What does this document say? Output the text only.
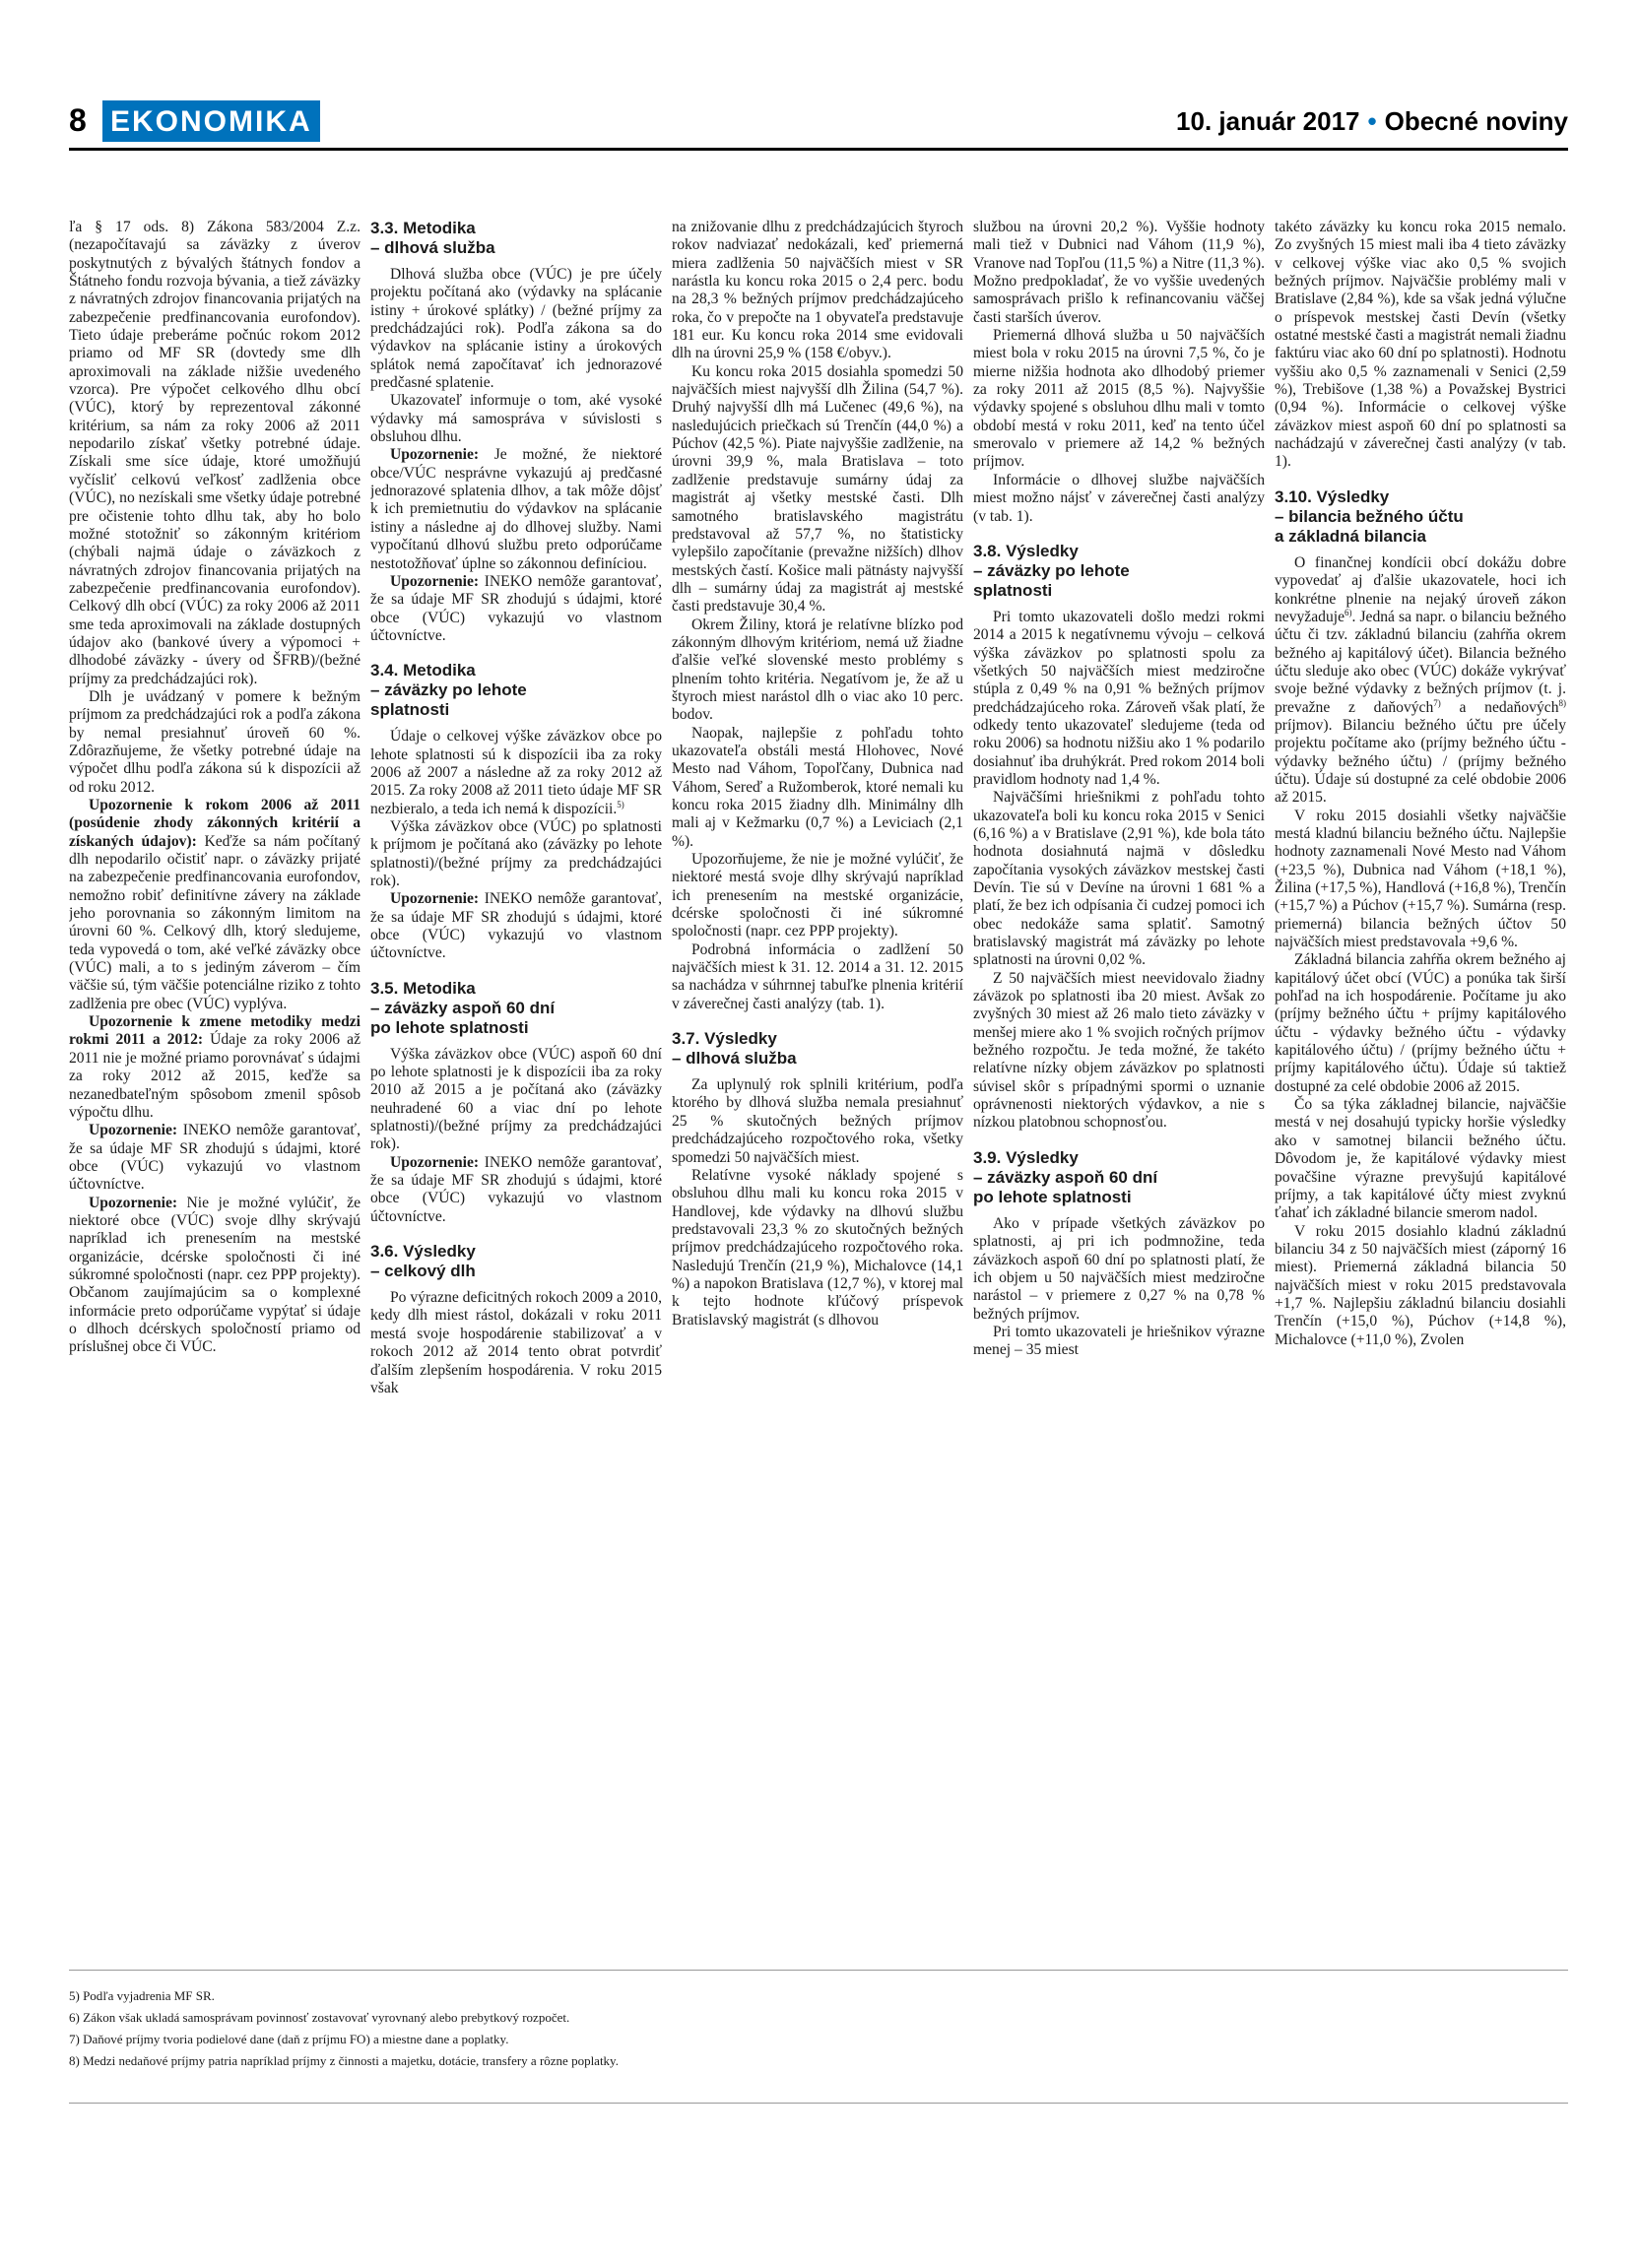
8 EKONOMIKA	10. január 2017 • Obecné noviny

ľa § 17 ods. 8) Zákona 583/2004 Z.z. (nezapočítavajú sa záväzky z úverov poskytnutých z bývalých štátnych fondov a Štátneho fondu rozvoja bývania, a tiež záväzky z návratných zdrojov financovania prijatých na zabezpečenie predfinancovania eurofondov). Tieto údaje preberáme počnúc rokom 2012 priamo od MF SR (dovtedy sme dlh aproximovali na základe nižšie uvedeného vzorca). Pre výpočet celkového dlhu obcí (VÚC), ktorý by reprezentoval zákonné kritérium, sa nám za roky 2006 až 2011 nepodarilo získať všetky potrebné údaje. Získali sme síce údaje, ktoré umožňujú vyčísliť celkovú veľkosť zadlženia obce (VÚC), no nezískali sme všetky údaje potrebné pre očistenie tohto dlhu tak, aby ho bolo možné stotožniť so zákonným kritériom (chýbali najmä údaje o záväzkoch z návratných zdrojov financovania prijatých na zabezpečenie predfinancovania eurofondov). Celkový dlh obcí (VÚC) za roky 2006 až 2011 sme teda aproximovali na základe dostupných údajov ako (bankové úvery a výpomoci + dlhodobé záväzky - úvery od ŠFRB)/(bežné príjmy za predchádzajúci rok).

Dlh je uvádzaný v pomere k bežným príjmom za predchádzajúci rok a podľa zákona by nemal presiahnuť úroveň 60 %. Zdôrazňujeme, že všetky potrebné údaje na výpočet dlhu podľa zákona sú k dispozícii až od roku 2012.

Upozornenie k rokom 2006 až 2011 (posúdenie zhody zákonných kritérií a získaných údajov): Keďže sa nám počítaný dlh nepodarilo očistiť napr. o záväzky prijaté na zabezpečenie predfinancovania eurofondov, nemožno robiť definitívne závery na základe jeho porovnania so zákonným limitom na úrovni 60 %. Celkový dlh, ktorý sledujeme, teda vypovedá o tom, aké veľké záväzky obce (VÚC) mali, a to s jediným záverom – čím väčšie sú, tým väčšie potenciálne riziko z tohto zadlženia pre obec (VÚC) vyplýva.

Upozornenie k zmene metodiky medzi rokmi 2011 a 2012: Údaje za roky 2006 až 2011 nie je možné priamo porovnávať s údajmi za roky 2012 až 2015, keďže sa nezanedbateľným spôsobom zmenil spôsob výpočtu dlhu.

Upozornenie: INEKO nemôže garantovať, že sa údaje MF SR zhodujú s údajmi, ktoré obce (VÚC) vykazujú vo vlastnom účtovníctve.

Upozornenie: Nie je možné vylúčiť, že niektoré obce (VÚC) svoje dlhy skrývajú napríklad ich prenesením na mestské organizácie, dcérske spoločnosti či iné súkromné spoločnosti (napr. cez PPP projekty). Občanom zaujímajúcim sa o komplexné informácie preto odporúčame vypýtať si údaje o dlhoch dcérskych spoločností priamo od príslušnej obce či VÚC.

3.3. Metodika
– dlhová služba

Dlhová služba obce (VÚC) je pre účely projektu počítaná ako (výdavky na splácanie istiny + úrokové splátky) / (bežné príjmy za predchádzajúci rok). Podľa zákona sa do výdavkov na splácanie istiny a úrokových splátok nemá započítavať ich jednorazové predčasné splatenie.

Ukazovateľ informuje o tom, aké vysoké výdavky má samospráva v súvislosti s obsluhou dlhu.

Upozornenie: Je možné, že niektoré obce/VÚC nesprávne vykazujú aj predčasné jednorazové splatenia dlhov, a tak môže dôjsť k ich premietnutiu do výdavkov na splácanie istiny a následne aj do dlhovej služby. Nami vypočítanú dlhovú službu preto odporúčame nestotožňovať úplne so zákonnou definíciou.

Upozornenie: INEKO nemôže garantovať, že sa údaje MF SR zhodujú s údajmi, ktoré obce (VÚC) vykazujú vo vlastnom účtovníctve.

3.4. Metodika
– záväzky po lehote
splatnosti

Údaje o celkovej výške záväzkov obce po lehote splatnosti sú k dispozícii iba za roky 2006 až 2007 a následne až za roky 2012 až 2015. Za roky 2008 až 2011 tieto údaje MF SR nezbieralo, a teda ich nemá k dispozícii.$^{5)}$

Výška záväzkov obce (VÚC) po splatnosti k príjmom je počítaná ako (záväzky po lehote splatnosti)/(bežné príjmy za predchádzajúci rok).

Upozornenie: INEKO nemôže garantovať, že sa údaje MF SR zhodujú s údajmi, ktoré obce (VÚC) vykazujú vo vlastnom účtovníctve.

3.5. Metodika
– záväzky aspoň 60 dní
po lehote splatnosti

Výška záväzkov obce (VÚC) aspoň 60 dní po lehote splatnosti je k dispozícii iba za roky 2010 až 2015 a je počítaná ako (záväzky neuhradené 60 a viac dní po lehote splatnosti)/(bežné príjmy za predchádzajúci rok).

Upozornenie: INEKO nemôže garantovať, že sa údaje MF SR zhodujú s údajmi, ktoré obce (VÚC) vykazujú vo vlastnom účtovníctve.

3.6. Výsledky
– celkový dlh

Po výrazne deficitných rokoch 2009 a 2010, kedy dlh miest rástol, dokázali v roku 2011 mestá svoje hospodárenie stabilizovať a v rokoch 2012 až 2014 tento obrat potvrdiť ďalším zlepšením hospodárenia. V roku 2015 však

na znižovanie dlhu z predchádzajúcich štyroch rokov nadviazať nedokázali, keď priemerná miera zadlženia 50 najväčších miest v SR narástla ku koncu roka 2015 o 2,4 perc. bodu na 28,3 % bežných príjmov predchádzajúceho roka, čo v prepočte na 1 obyvateľa predstavuje 181 eur. Ku koncu roka 2014 sme evidovali dlh na úrovni 25,9 % (158 €/obyv.).

Ku koncu roka 2015 dosiahla spomedzi 50 najväčších miest najvyšší dlh Žilina (54,7 %). Druhý najvyšší dlh má Lučenec (49,6 %), na nasledujúcich priečkach sú Trenčín (44,0 %) a Púchov (42,5 %). Piate najvyššie zadlženie, na úrovni 39,9 %, mala Bratislava – toto zadlženie predstavuje sumárny údaj za magistrát aj všetky mestské časti. Dlh samotného bratislavského magistrátu predstavoval až 57,7 %, no štatisticky vylepšilo započítanie (prevažne nižších) dlhov mestských častí. Košice mali pätnásty najvyšší dlh – sumárny údaj za magistrát aj mestské časti predstavuje 30,4 %.

Okrem Žiliny, ktorá je relatívne blízko pod zákonným dlhovým kritériom, nemá už žiadne ďalšie veľké slovenské mesto problémy s plnením tohto kritéria. Negatívom je, že až u štyroch miest narástol dlh o viac ako 10 perc. bodov.

Naopak, najlepšie z pohľadu tohto ukazovateľa obstáli mestá Hlohovec, Nové Mesto nad Váhom, Topoľčany, Dubnica nad Váhom, Sereď a Ružomberok, ktoré nemali ku koncu roka 2015 žiadny dlh. Minimálny dlh mali aj v Kežmarku (0,7 %) a Leviciach (2,1 %).

Upozorňujeme, že nie je možné vylúčiť, že niektoré mestá svoje dlhy skrývajú napríklad ich prenesením na mestské organizácie, dcérske spoločnosti či iné súkromné spoločnosti (napr. cez PPP projekty).

Podrobná informácia o zadlžení 50 najväčších miest k 31. 12. 2014 a 31. 12. 2015 sa nachádza v súhrnnej tabuľke plnenia kritérií v záverečnej časti analýzy (tab. 1).

3.7. Výsledky
– dlhová služba

Za uplynulý rok splnili kritérium, podľa ktorého by dlhová služba nemala presiahnuť 25 % skutočných bežných príjmov predchádzajúceho rozpočtového roka, všetky spomedzi 50 najväčších miest.

Relatívne vysoké náklady spojené s obsluhou dlhu mali ku koncu roka 2015 v Handlovej, kde výdavky na dlhovú službu predstavovali 23,3 % zo skutočných bežných príjmov predchádzajúceho rozpočtového roka. Nasledujú Trenčín (21,9 %), Michalovce (14,1 %) a napokon Bratislava (12,7 %), v ktorej mal k tejto hodnote kľúčový príspevok Bratislavský magistrát (s dlhovou

službou na úrovni 20,2 %). Vyššie hodnoty mali tiež v Dubnici nad Váhom (11,9 %), Vranove nad Topľou (11,5 %) a Nitre (11,3 %). Možno predpokladať, že vo vyššie uvedených samosprávach prišlo k refinancovaniu väčšej časti starších úverov.

Priemerná dlhová služba u 50 najväčších miest bola v roku 2015 na úrovni 7,5 %, čo je mierne nižšia hodnota ako dlhodobý priemer za roky 2011 až 2015 (8,5 %). Najvyššie výdavky spojené s obsluhou dlhu mali v tomto období mestá v roku 2011, keď na tento účel smerovalo v priemere až 14,2 % bežných príjmov.

Informácie o dlhovej službe najväčších miest možno nájsť v záverečnej časti analýzy (v tab. 1).

3.8. Výsledky
– záväzky po lehote
splatnosti

Pri tomto ukazovateli došlo medzi rokmi 2014 a 2015 k negatívnemu vývoju – celková výška záväzkov po splatnosti spolu za všetkých 50 najväčších miest medziročne stúpla z 0,49 % na 0,91 % bežných príjmov predchádzajúceho roka. Zároveň však platí, že odkedy tento ukazovateľ sledujeme (teda od roku 2006) sa hodnotu nižšiu ako 1 % podarilo dosiahnuť iba druhýkrát. Pred rokom 2014 boli pravidlom hodnoty nad 1,4 %.

Najväčšími hriešnikmi z pohľadu tohto ukazovateľa boli ku koncu roka 2015 v Senici (6,16 %) a v Bratislave (2,91 %), kde bola táto hodnota dosiahnutá najmä v dôsledku započítania vysokých záväzkov mestskej časti Devín. Tie sú v Devíne na úrovni 1 681 % a platí, že bez ich odpísania či cudzej pomoci ich obec nedokáže sama splatiť. Samotný bratislavský magistrát má záväzky po lehote splatnosti na úrovni 0,02 %.

Z 50 najväčších miest neevidovalo žiadny záväzok po splatnosti iba 20 miest. Avšak zo zvyšných 30 miest až 26 malo tieto záväzky v menšej miere ako 1 % svojich ročných príjmov bežného rozpočtu. Je teda možné, že takéto relatívne nízky objem záväzkov po splatnosti súvisel skôr s prípadnými spormi o uznanie oprávnenosti niektorých výdavkov, a nie s nízkou platobnou schopnosťou.

3.9. Výsledky
– záväzky aspoň 60 dní
po lehote splatnosti

Ako v prípade všetkých záväzkov po splatnosti, aj pri ich podmnožine, teda záväzkoch aspoň 60 dní po splatnosti platí, že ich objem u 50 najväčších miest medziročne narástol – v priemere z 0,27 % na 0,78 % bežných príjmov.

Pri tomto ukazovateli je hriešnikov výrazne menej – 35 miest

takéto záväzky ku koncu roka 2015 nemalo. Zo zvyšných 15 miest mali iba 4 tieto záväzky v celkovej výške viac ako 0,5 % svojich bežných príjmov. Najväčšie problémy mali v Bratislave (2,84 %), kde sa však jedná výlučne o príspevok mestskej časti Devín (všetky ostatné mestské časti a magistrát nemali žiadnu faktúru viac ako 60 dní po splatnosti). Hodnotu vyššiu ako 0,5 % zaznamenali v Senici (2,59 %), Trebišove (1,38 %) a Považskej Bystrici (0,94 %). Informácie o celkovej výške záväzkov miest aspoň 60 dní po splatnosti sa nachádzajú v záverečnej časti analýzy (v tab. 1).

3.10. Výsledky
– bilancia bežného účtu
a základná bilancia

O finančnej kondícii obcí dokážu dobre vypovedať aj ďalšie ukazovatele, hoci ich konkrétne plnenie na nejaký úroveň zákon nevyžaduje$^{6)}$. Jedná sa napr. o bilanciu bežného účtu či tzv. základnú bilanciu (zahŕňa okrem bežného aj kapitálový účet). Bilancia bežného účtu sleduje ako obec (VÚC) dokáže vykrývať svoje bežné výdavky z bežných príjmov (t. j. prevažne z daňových$^{7)}$ a nedaňových$^{8)}$ príjmov). Bilanciu bežného účtu pre účely projektu počítame ako (príjmy bežného účtu - výdavky bežného účtu) / (príjmy bežného účtu). Údaje sú dostupné za celé obdobie 2006 až 2015.

V roku 2015 dosiahli všetky najväčšie mestá kladnú bilanciu bežného účtu. Najlepšie hodnoty zaznamenali Nové Mesto nad Váhom (+23,5 %), Dubnica nad Váhom (+18,1 %), Žilina (+17,5 %), Handlová (+16,8 %), Trenčín (+15,7 %) a Púchov (+15,7 %). Sumárna (resp. priemerná) bilancia bežných účtov 50 najväčších miest predstavovala +9,6 %.

Základná bilancia zahŕňa okrem bežného aj kapitálový účet obcí (VÚC) a ponúka tak širší pohľad na ich hospodárenie. Počítame ju ako (príjmy bežného účtu + príjmy kapitálového účtu - výdavky bežného účtu - výdavky kapitálového účtu) / (príjmy bežného účtu + príjmy kapitálového účtu). Údaje sú taktiež dostupné za celé obdobie 2006 až 2015.

Čo sa týka základnej bilancie, najväčšie mestá v nej dosahujú typicky horšie výsledky ako v samotnej bilancii bežného účtu. Dôvodom je, že kapitálové výdavky miest povačšine výrazne prevyšujú kapitálové príjmy, a tak kapitálové účty miest zvyknú ťahať ich základné bilancie smerom nadol.

V roku 2015 dosiahlo kladnú základnú bilanciu 34 z 50 najväčších miest (záporný 16 miest). Priemerná základná bilancia 50 najväčších miest v roku 2015 predstavovala +1,7 %. Najlepšiu základnú bilanciu dosiahli Trenčín (+15,0 %), Púchov (+14,8 %), Michalovce (+11,0 %), Zvolen

5) Podľa vyjadrenia MF SR.
6) Zákon však ukladá samosprávam povinnosť zostavovať vyrovnaný alebo prebytkový rozpočet.
7) Daňové príjmy tvoria podielové dane (daň z príjmu FO) a miestne dane a poplatky.
8) Medzi nedaňové príjmy patria napríklad príjmy z činnosti a majetku, dotácie, transfery a rôzne poplatky.
